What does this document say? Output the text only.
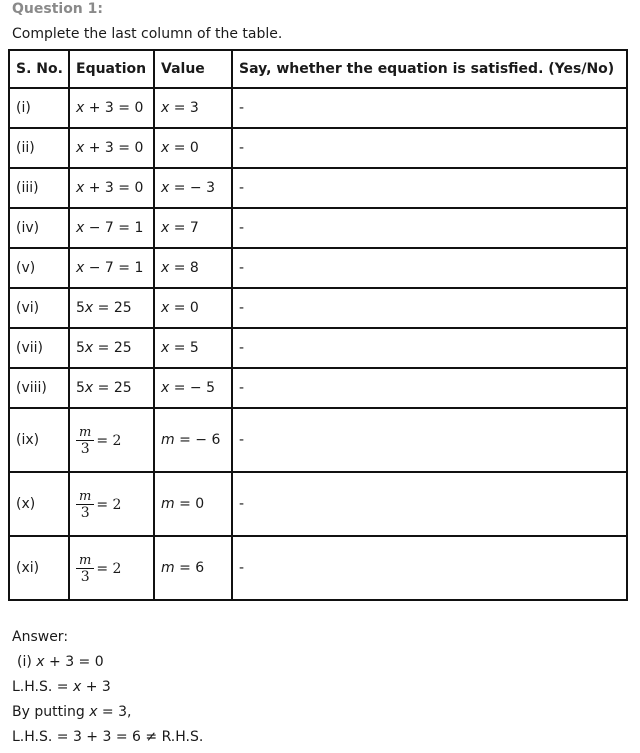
Question 1:
Complete the last column of the table.
S. No.	Equation	Value	Say, whether the equation is satisfied. (Yes/No)
(i)	x + 3 = 0	x = 3	-
(ii)	x + 3 = 0	x = 0	-
(iii)	x + 3 = 0	x = − 3	-
(iv)	x − 7 = 1	x = 7	-
(v)	x − 7 = 1	x = 8	-
(vi)	5x = 25	x = 0	-
(vii)	5x = 25	x = 5	-
(viii)	5x = 25	x = − 5	-
(ix)	$\frac{m}{3} = 2$	m = − 6	-
(x)	$\frac{m}{3} = 2$	m = 0	-
(xi)	$\frac{m}{3} = 2$	m = 6	-
Answer:
(i) x + 3 = 0
L.H.S. = x + 3
By putting x = 3,
L.H.S. = 3 + 3 = 6 ≠ R.H.S.
